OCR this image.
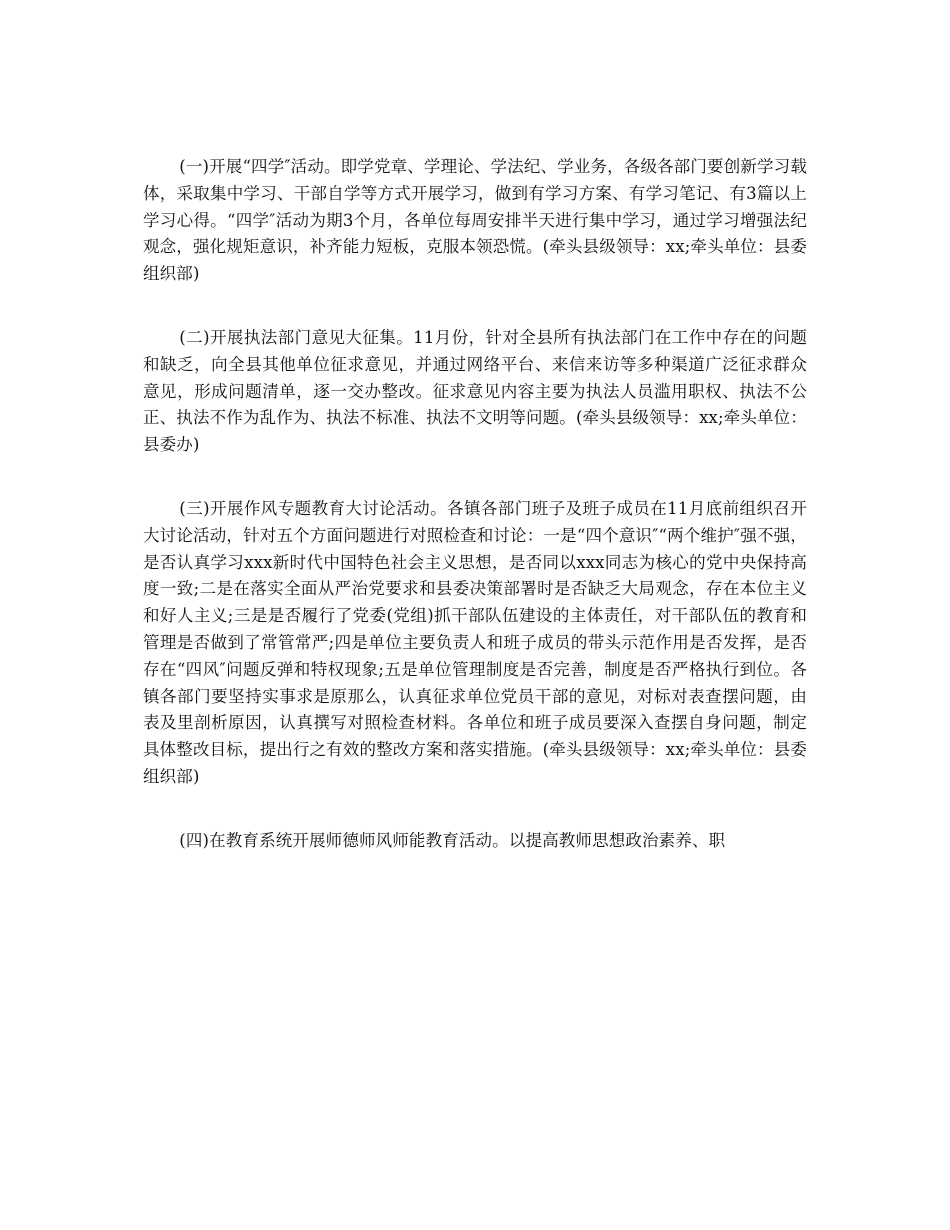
(一)开展“四学″活动。即学党章、学理论、学法纪、学业务，各级各部门要创新学习载体，采取集中学习、干部自学等方式开展学习，做到有学习方案、有学习笔记、有3篇以上学习心得。“四学″活动为期3个月，各单位每周安排半天进行集中学习，通过学习增强法纪观念，强化规矩意识，补齐能力短板，克服本领恐慌。(牵头县级领导：xx;牵头单位：县委组织部)

(二)开展执法部门意见大征集。11月份，针对全县所有执法部门在工作中存在的问题和缺乏，向全县其他单位征求意见，并通过网络平台、来信来访等多种渠道广泛征求群众意见，形成问题清单，逐一交办整改。征求意见内容主要为执法人员滥用职权、执法不公正、执法不作为乱作为、执法不标准、执法不文明等问题。(牵头县级领导：xx;牵头单位：县委办)

(三)开展作风专题教育大讨论活动。各镇各部门班子及班子成员在11月底前组织召开大讨论活动，针对五个方面问题进行对照检查和讨论：一是“四个意识″“两个维护″强不强，是否认真学习xxx新时代中国特色社会主义思想，是否同以xxx同志为核心的党中央保持高度一致;二是在落实全面从严治党要求和县委决策部署时是否缺乏大局观念，存在本位主义和好人主义;三是是否履行了党委(党组)抓干部队伍建设的主体责任，对干部队伍的教育和管理是否做到了常管常严;四是单位主要负责人和班子成员的带头示范作用是否发挥，是否存在“四风″问题反弹和特权现象;五是单位管理制度是否完善，制度是否严格执行到位。各镇各部门要坚持实事求是原那么，认真征求单位党员干部的意见，对标对表查摆问题，由表及里剖析原因，认真撰写对照检查材料。各单位和班子成员要深入查摆自身问题，制定具体整改目标，提出行之有效的整改方案和落实措施。(牵头县级领导：xx;牵头单位：县委组织部)

(四)在教育系统开展师德师风师能教育活动。以提高教师思想政治素养、职
